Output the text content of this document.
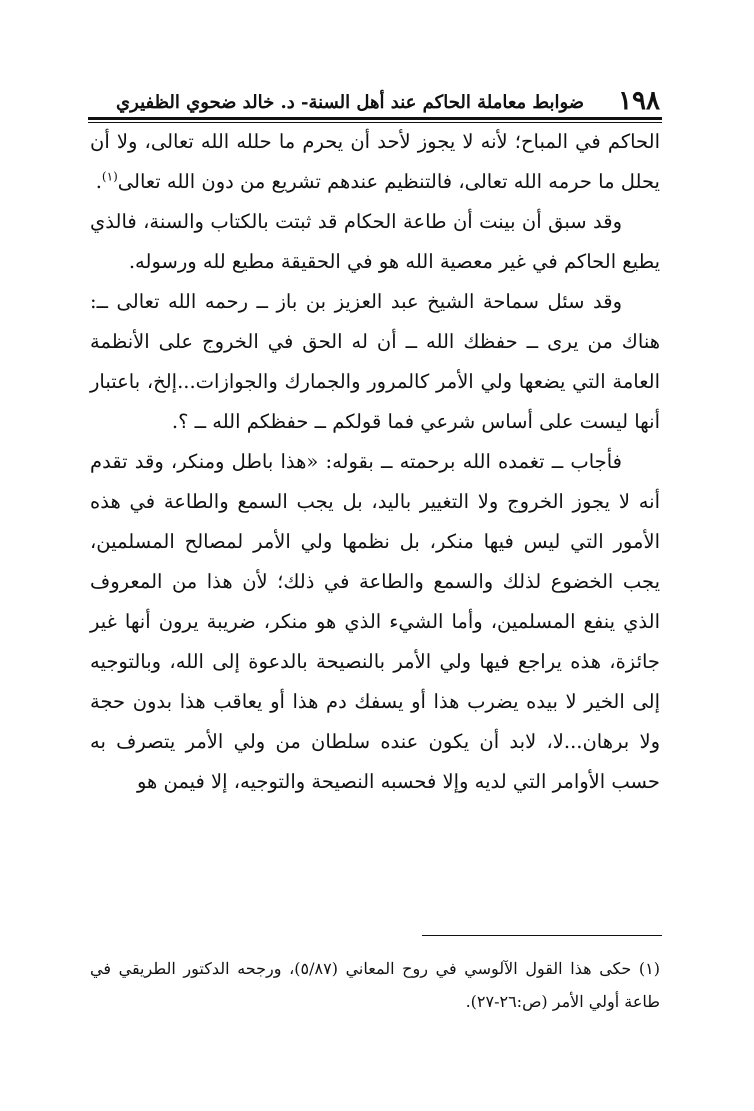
١٩٨
ضوابط معاملة الحاكم عند أهل السنة- د. خالد ضحوي الظفيري

الحاكم في المباح؛ لأنه لا يجوز لأحد أن يحرم ما حلله الله تعالى، ولا أن يحلل ما حرمه الله تعالى، فالتنظيم عندهم تشريع من دون الله تعالى$^{(١)}$.

وقد سبق أن بينت أن طاعة الحكام قد ثبتت بالكتاب والسنة، فالذي يطيع الحاكم في غير معصية الله هو في الحقيقة مطيع لله ورسوله.

وقد سئل سماحة الشيخ عبد العزيز بن باز ــ رحمه الله تعالى ــ: هناك من يرى ــ حفظك الله ــ أن له الحق في الخروج على الأنظمة العامة التي يضعها ولي الأمر كالمرور والجمارك والجوازات...إلخ، باعتبار أنها ليست على أساس شرعي فما قولكم ــ حفظكم الله ــ ؟.

فأجاب ــ تغمده الله برحمته ــ بقوله: «هذا باطل ومنكر، وقد تقدم أنه لا يجوز الخروج ولا التغيير باليد، بل يجب السمع والطاعة في هذه الأمور التي ليس فيها منكر، بل نظمها ولي الأمر لمصالح المسلمين، يجب الخضوع لذلك والسمع والطاعة في ذلك؛ لأن هذا من المعروف الذي ينفع المسلمين، وأما الشيء الذي هو منكر، ضريبة يرون أنها غير جائزة، هذه يراجع فيها ولي الأمر بالنصيحة بالدعوة إلى الله، وبالتوجيه إلى الخير لا بيده يضرب هذا أو يسفك دم هذا أو يعاقب هذا بدون حجة ولا برهان...لا، لابد أن يكون عنده سلطان من ولي الأمر يتصرف به حسب الأوامر التي لديه وإلا فحسبه النصيحة والتوجيه، إلا فيمن هو

(١) حكى هذا القول الآلوسي في روح المعاني (٥/٨٧)، ورجحه الدكتور الطريقي في طاعة أولي الأمر (ص:٢٦-٢٧).
